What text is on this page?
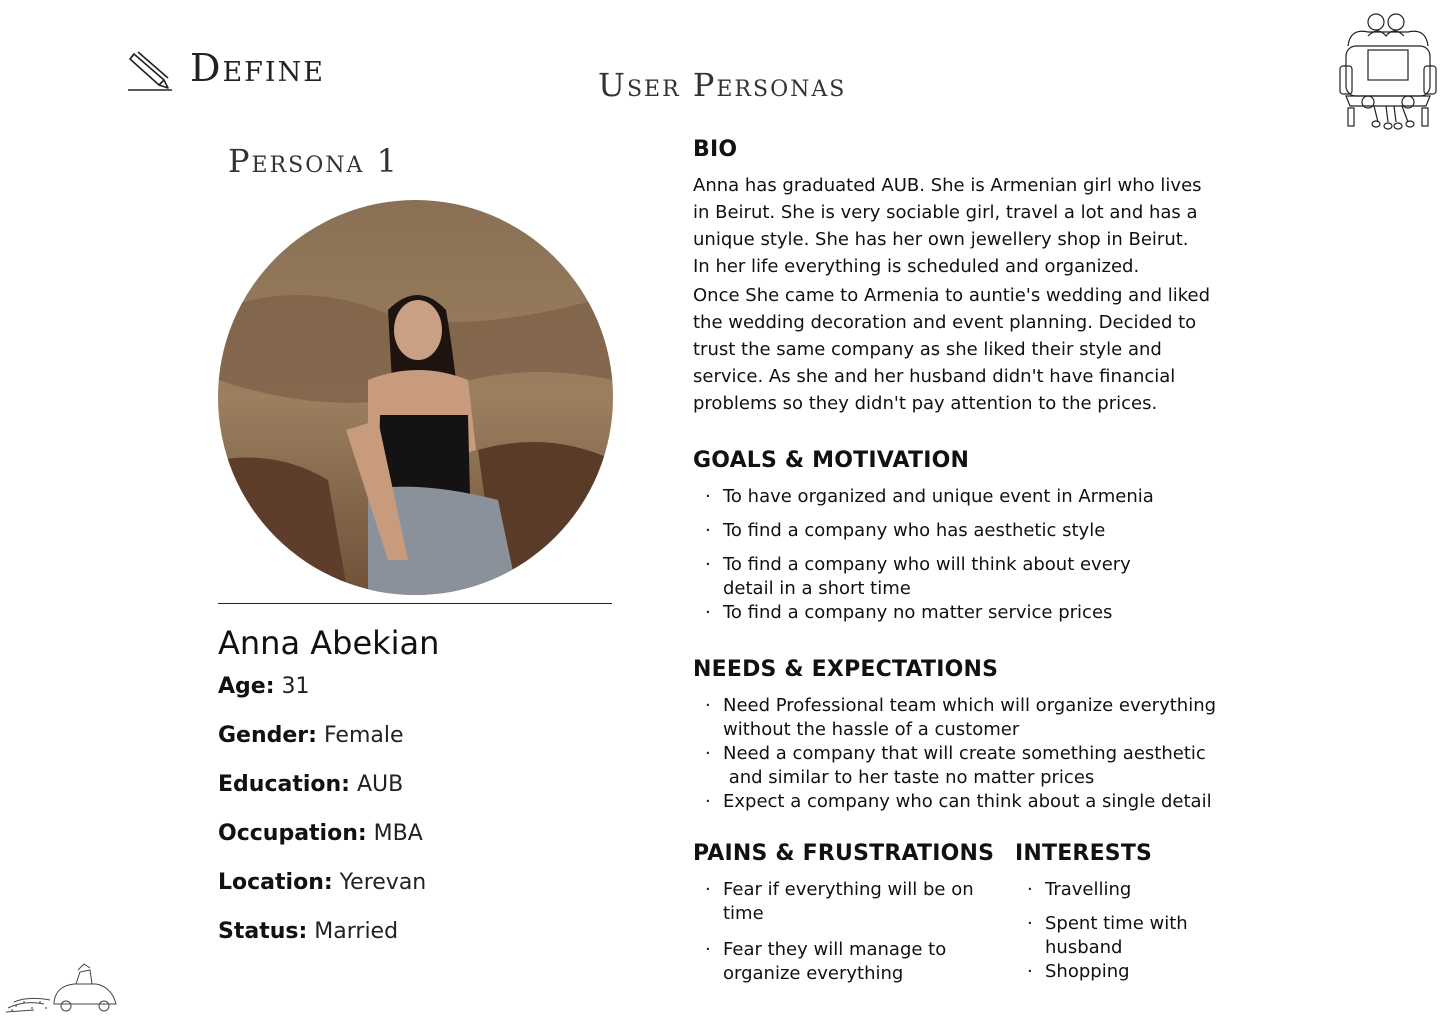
Define	User Personas
Persona 1
Anna Abekian
Age: 31
Gender: Female
Education: AUB
Occupation: MBA
Location: Yerevan
Status: Married
BIO
Anna has graduated AUB. She is Armenian girl who lives
in Beirut. She is very sociable girl, travel a lot and has a
unique style. She has her own jewellery shop in Beirut.
In her life everything is scheduled and organized.
Once She came to Armenia to auntie's wedding and liked
the wedding decoration and event planning. Decided to
trust the same company as she liked their style and
service. As she and her husband didn't have financial
problems so they didn't pay attention to the prices.
GOALS & MOTIVATION
· To have organized and unique event in Armenia
· To find a company who has aesthetic style
· To find a company who will think about every
detail in a short time
· To find a company no matter service prices
NEEDS & EXPECTATIONS
· Need Professional team which will organize everything
without the hassle of a customer
· Need a company that will create something aesthetic
and similar to her taste no matter prices
· Expect a company who can think about a single detail
PAINS & FRUSTRATIONS
· Fear if everything will be on
time
· Fear they will manage to
organize everything
INTERESTS
· Travelling
· Spent time with
husband
· Shopping
